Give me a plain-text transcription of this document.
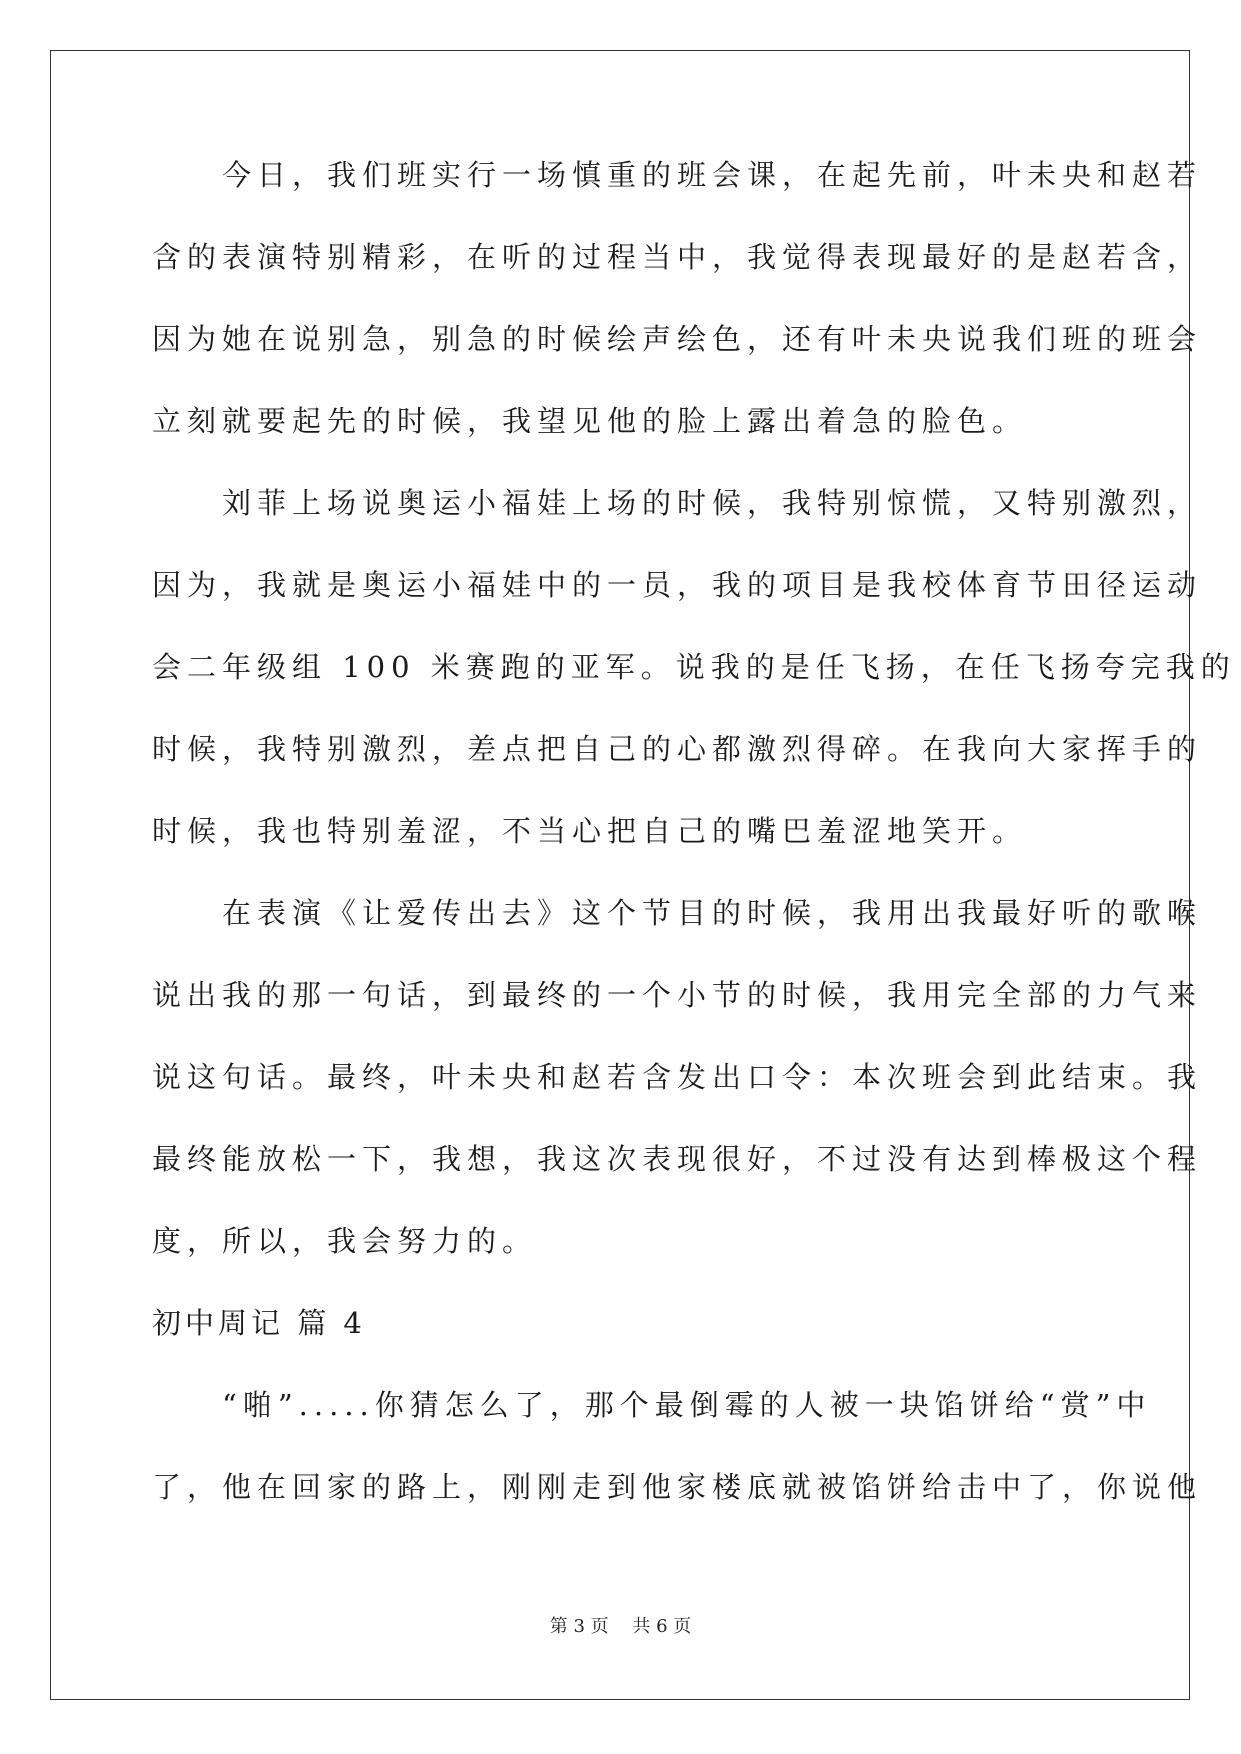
　　今日，我们班实行一场慎重的班会课，在起先前，叶未央和赵若

含的表演特别精彩，在听的过程当中，我觉得表现最好的是赵若含，

因为她在说别急，别急的时候绘声绘色，还有叶未央说我们班的班会

立刻就要起先的时候，我望见他的脸上露出着急的脸色。

　　刘菲上场说奥运小福娃上场的时候，我特别惊慌，又特别激烈，

因为，我就是奥运小福娃中的一员，我的项目是我校体育节田径运动

会二年级组 100 米赛跑的亚军。说我的是任飞扬，在任飞扬夸完我的

时候，我特别激烈，差点把自己的心都激烈得碎。在我向大家挥手的

时候，我也特别羞涩，不当心把自己的嘴巴羞涩地笑开。

　　在表演《让爱传出去》这个节目的时候，我用出我最好听的歌喉

说出我的那一句话，到最终的一个小节的时候，我用完全部的力气来

说这句话。最终，叶未央和赵若含发出口令：本次班会到此结束。我

最终能放松一下，我想，我这次表现很好，不过没有达到棒极这个程

度，所以，我会努力的。

初中周记 篇 4

　　“啪”.....你猜怎么了，那个最倒霉的人被一块馅饼给“赏”中

了，他在回家的路上，刚刚走到他家楼底就被馅饼给击中了，你说他

第 3 页　 共 6 页
